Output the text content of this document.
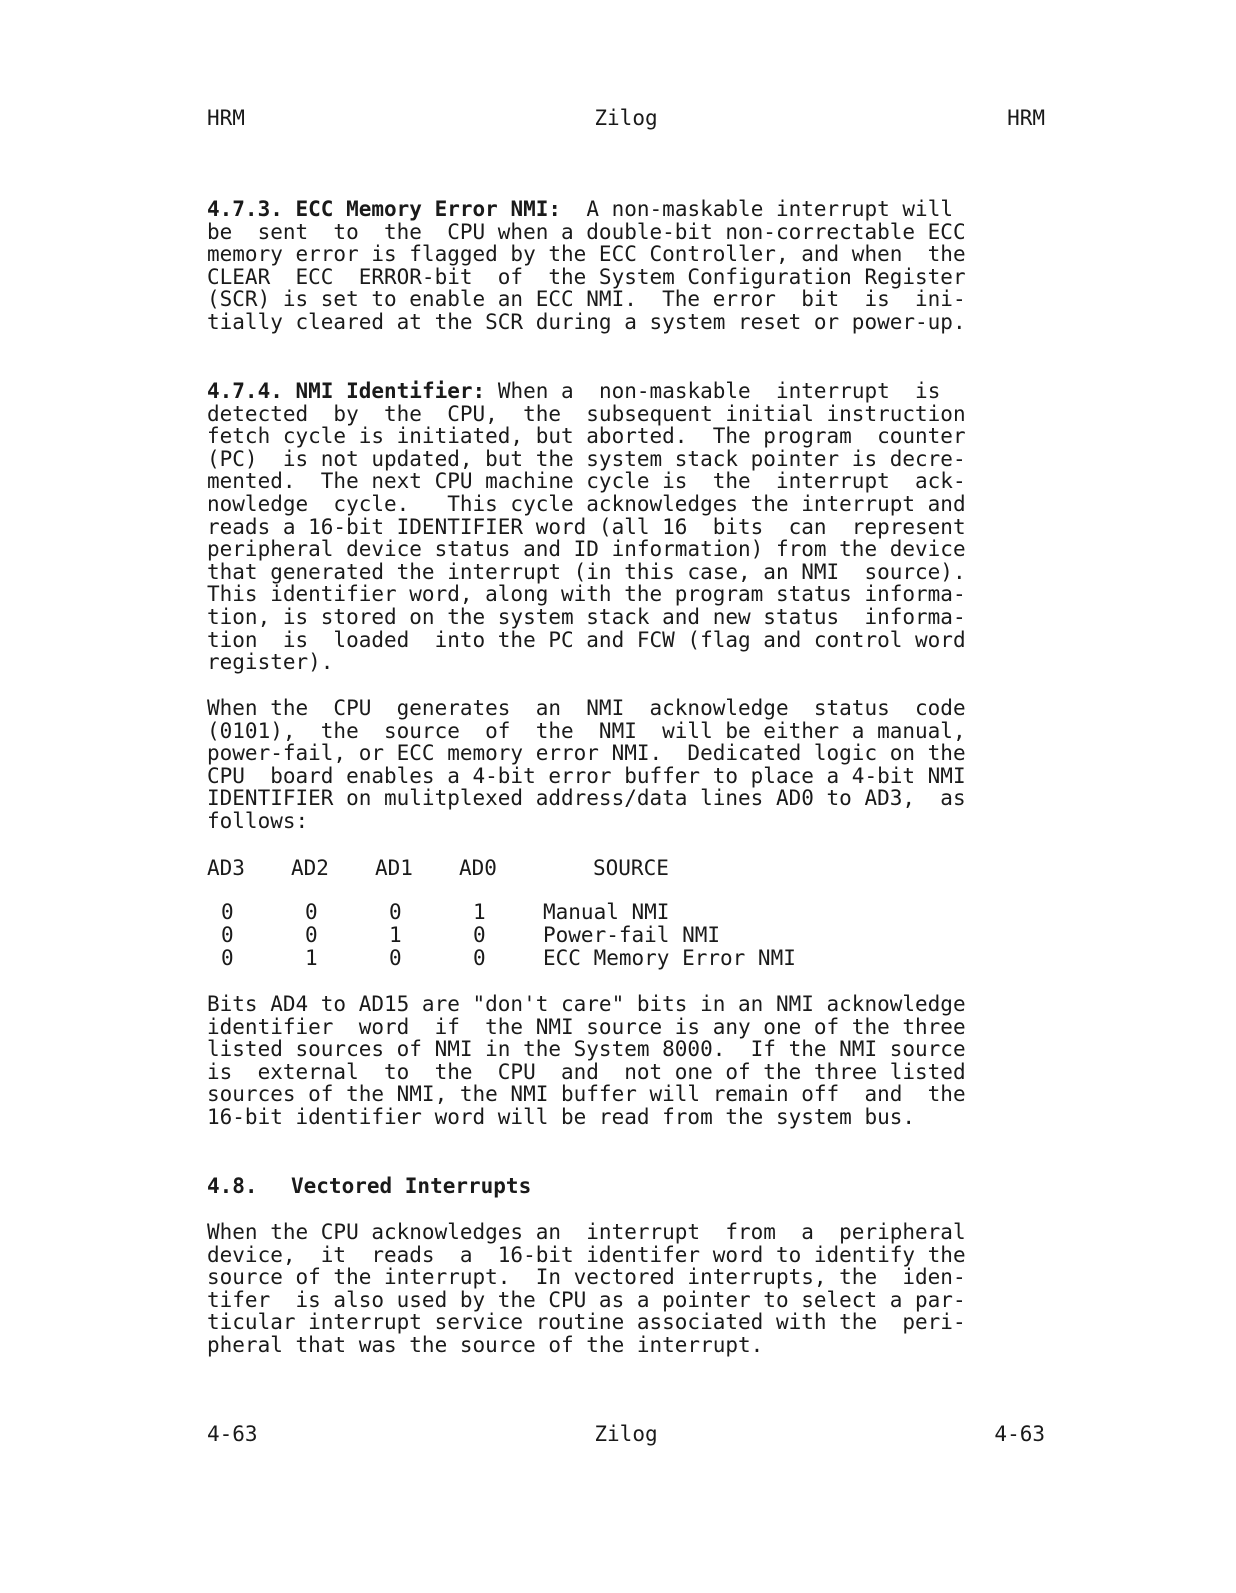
HRM	Zilog	HRM

4.7.3. ECC Memory Error NMI: A non-maskable interrupt will
be  sent  to  the  CPU when a double-bit non-correctable ECC
memory error is flagged by the ECC Controller, and when  the
CLEAR  ECC  ERROR-bit  of  the System Configuration Register
(SCR) is set to enable an ECC NMI.  The error  bit  is  ini-
tially cleared at the SCR during a system reset or power-up.

4.7.4. NMI Identifier: When a  non-maskable  interrupt  is
detected  by  the  CPU,  the  subsequent initial instruction
fetch cycle is initiated, but aborted.  The program  counter
(PC)  is not updated, but the system stack pointer is decre-
mented.  The next CPU machine cycle is  the  interrupt  ack-
nowledge  cycle.   This cycle acknowledges the interrupt and
reads a 16-bit IDENTIFIER word (all 16  bits  can  represent
peripheral device status and ID information) from the device
that generated the interrupt (in this case, an NMI  source).
This identifier word, along with the program status informa-
tion, is stored on the system stack and new status  informa-
tion  is  loaded  into the PC and FCW (flag and control word
register).

When the  CPU  generates  an  NMI  acknowledge  status  code
(0101),  the  source  of  the  NMI  will be either a manual,
power-fail, or ECC memory error NMI.  Dedicated logic on the
CPU  board enables a 4-bit error buffer to place a 4-bit NMI
IDENTIFIER on mulitplexed address/data lines AD0 to AD3,  as
follows:

AD3	AD2	AD1	AD0	SOURCE
0	0	0	1	Manual NMI
0	0	1	0	Power-fail NMI
0	1	0	0	ECC Memory Error NMI

Bits AD4 to AD15 are "don't care" bits in an NMI acknowledge
identifier  word  if  the NMI source is any one of the three
listed sources of NMI in the System 8000.  If the NMI source
is  external  to  the  CPU  and  not one of the three listed
sources of the NMI, the NMI buffer will remain off  and  the
16-bit identifier word will be read from the system bus.

4.8. Vectored Interrupts

When the CPU acknowledges an  interrupt  from  a  peripheral
device,  it  reads  a  16-bit identifer word to identify the
source of the interrupt.  In vectored interrupts, the  iden-
tifer  is also used by the CPU as a pointer to select a par-
ticular interrupt service routine associated with the  peri-
pheral that was the source of the interrupt.

4-63	Zilog	4-63
